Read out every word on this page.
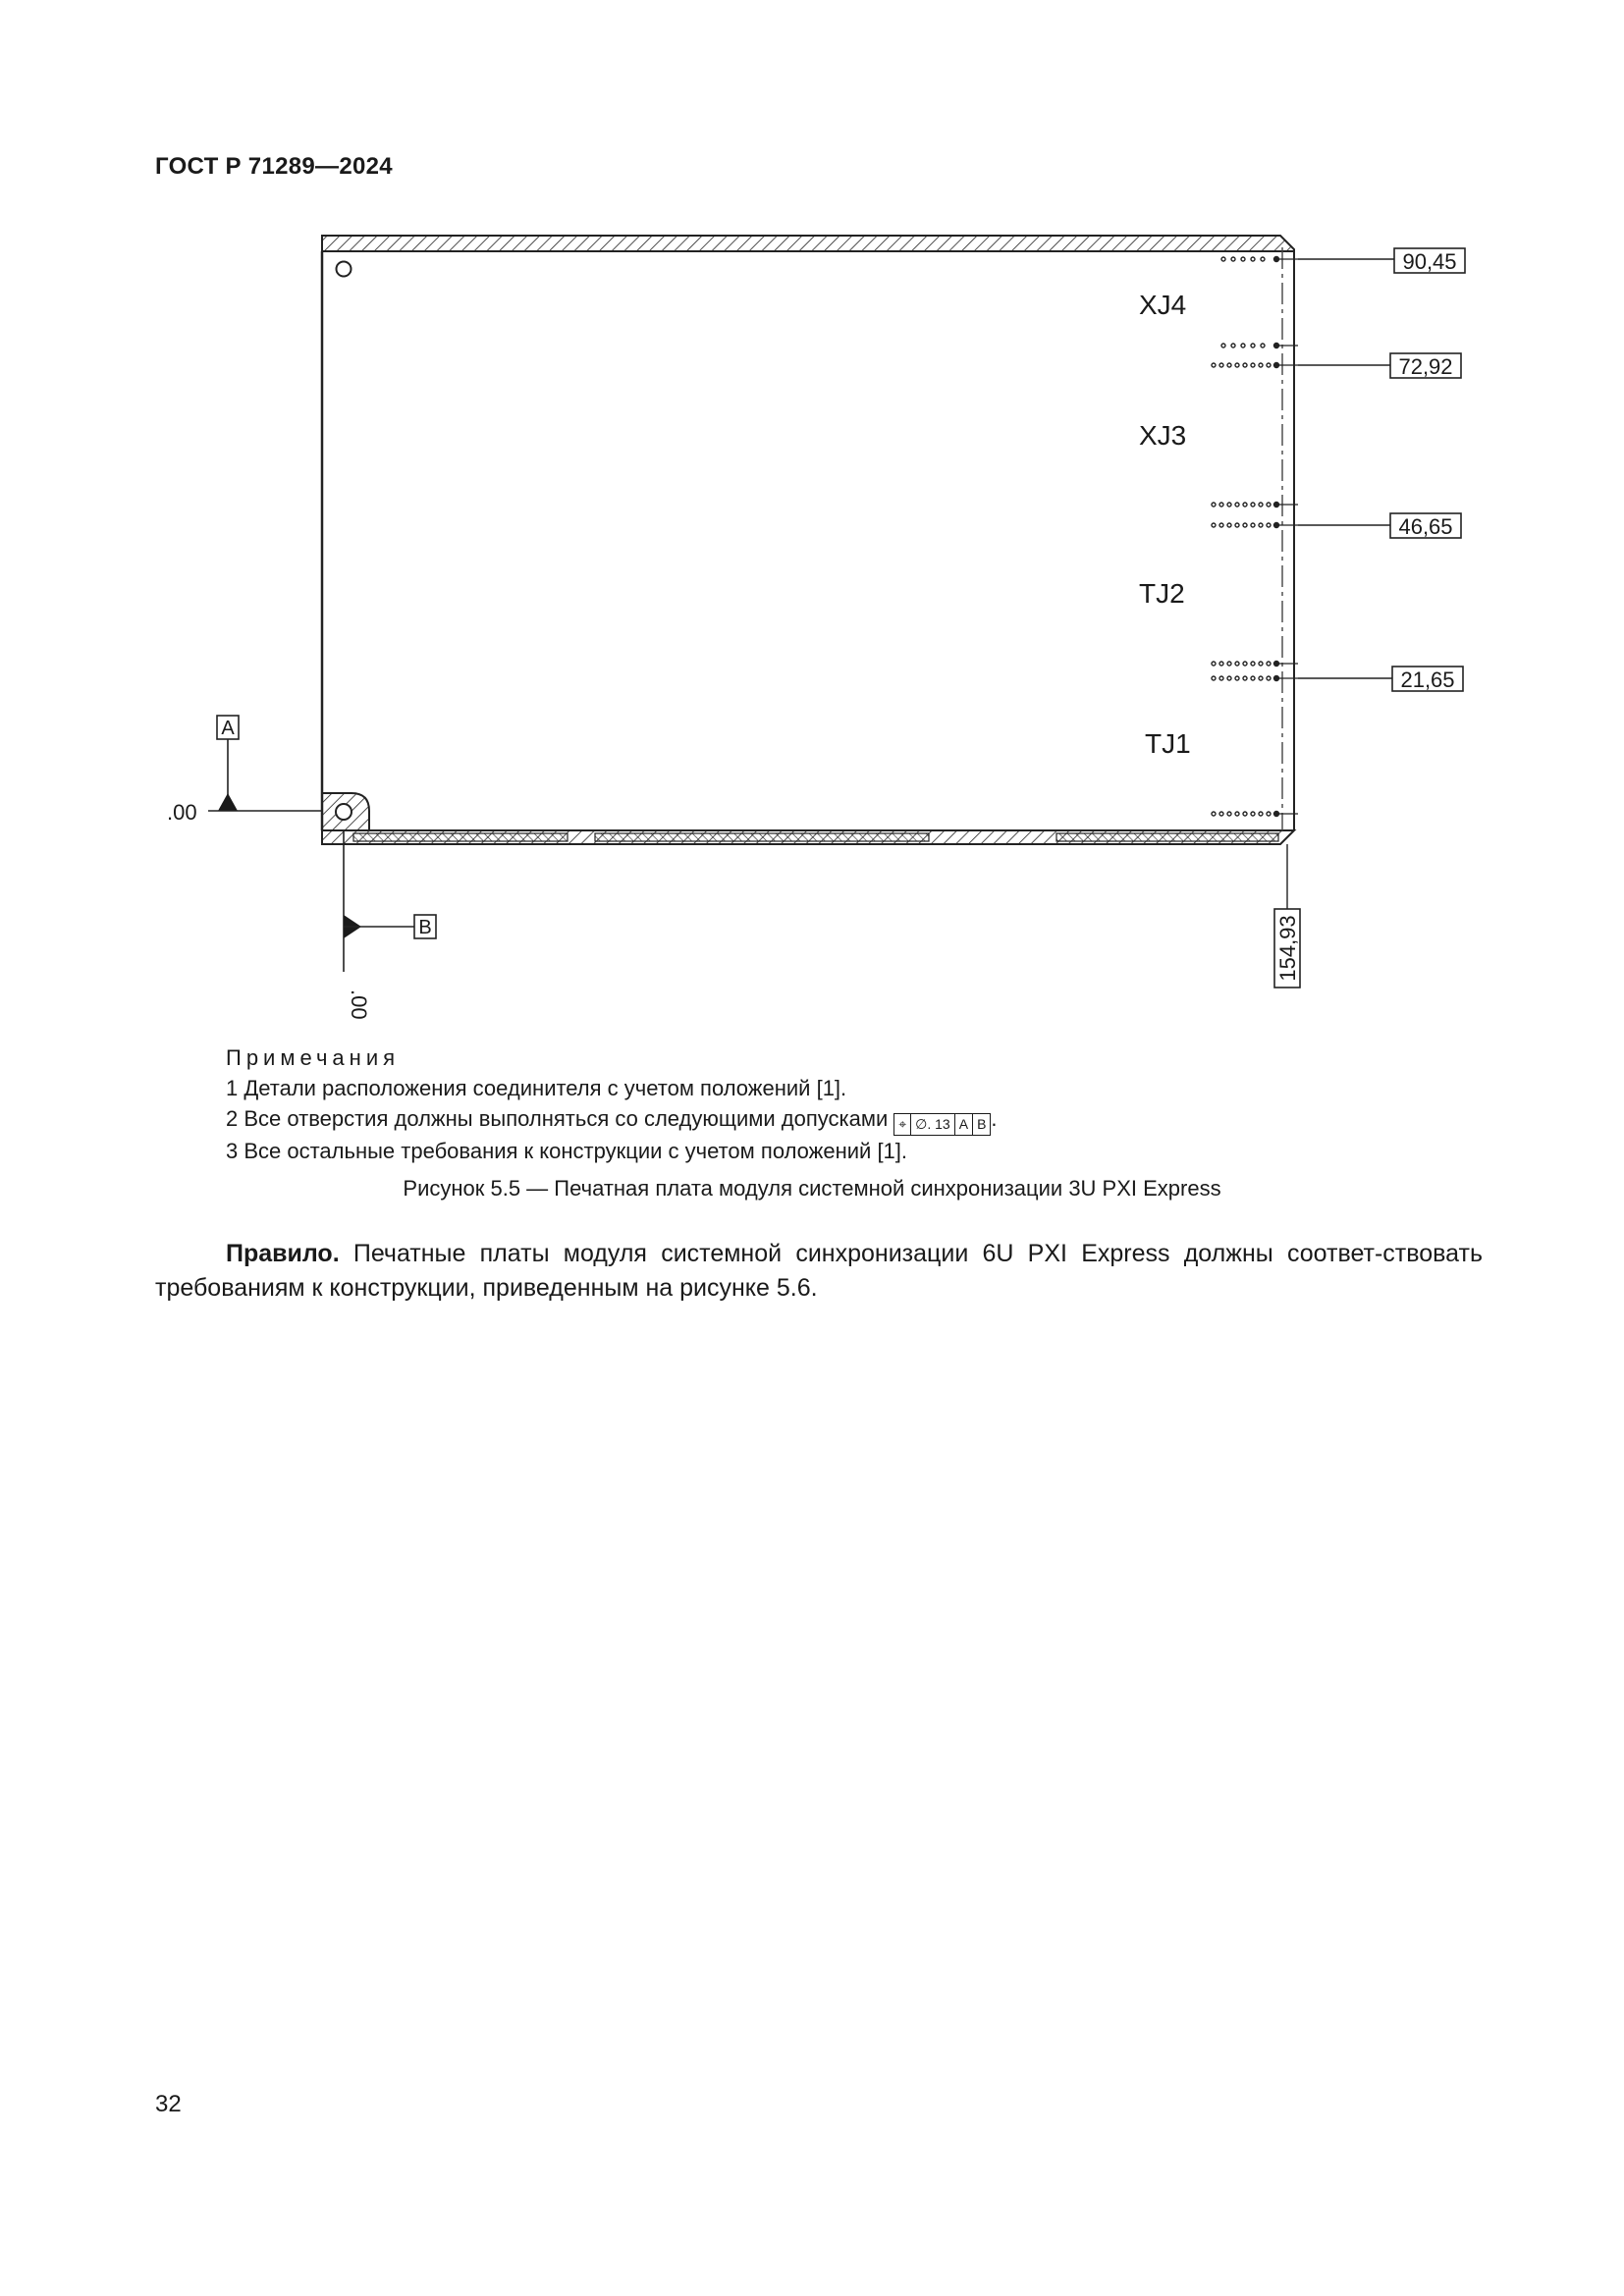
ГОСТ Р 71289—2024
XJ4
XJ3
TJ2
TJ1
90,45
72,92
46,65
21,65
154,93
A
.00
B
.00
Примечания
1 Детали расположения соединителя с учетом положений [1].
2 Все отверстия должны выполняться со следующими допусками ⌖ ∅. 13 A B .
3 Все остальные требования к конструкции с учетом положений [1].
Рисунок 5.5 — Печатная плата модуля системной синхронизации 3U PXI Express
Правило. Печатные платы модуля системной синхронизации 6U PXI Express должны соответ-ствовать требованиям к конструкции, приведенным на рисунке 5.6.
32
